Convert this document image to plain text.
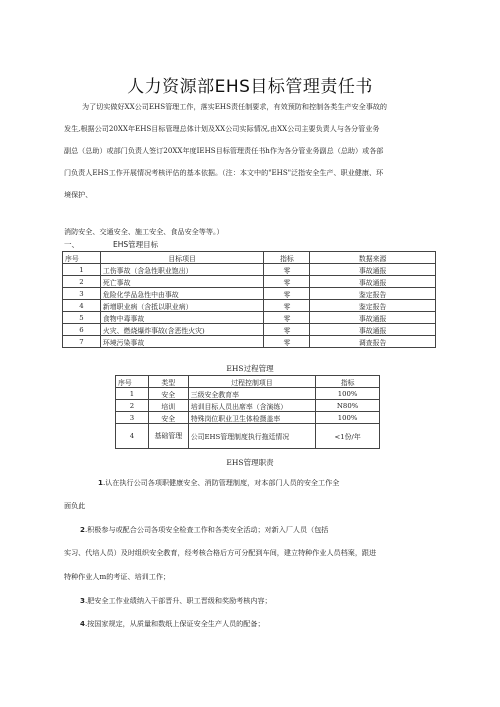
人力资源部EHS目标管理责任书

为了切实做好XX公司EHS管理工作，落实EHS责任制要求，有效预防和控制各类生产安全事故的

发生,根据公司20XX年EHS目标管理总体计划及XX公司实际情况,由XX公司主要负责人与各分管业务

副总（总助）或部门负责人签订20XX年度IEHS目标管理责任书h作为各分管业务副总（总助）或各部

门负责人EHS工作开展情况考核评估的基本依据。（注：本文中的"EHS"泛指安全生产、职业健康、环

境保护、

消防安全、交通安全、施工安全、食品安全等等。）
一、	EHS管理目标
序号	目标项目	指标	数据来源
1	工伤事故（含急性职业饱出）	零	事故通报
2	死亡事故	零	事故通报
3	危险化学品急性中由事故	零	鉴定报告
4	新增职业病（含抵以职业病）	零	鉴定报告
5	食物中毒事故	零	事故通报
6	火灾、燃烧爆炸事故(含恶性火灾)	零	事故通报
7	环境污染事故	零	调查报告
EHS过程管理
序号	类型	过程控制项目	指标
1	安全	三级安全教育率	100%
2	培训	培训目标人员出席率（含演练）	N80%
3	安全	特殊岗位职业卫生体检摄盖率	100%
4	基础管理	公司EHS管理制度执行拖廷情况	<1份/年
EHS管理职责
1.认在执行公司各项职健康安全、消防管理制度，对本部门人员的安全工作全
面负此
2.积极参与或配合公司各项安全检查工作和各类安全活动；对新入厂人员（包括
实习、代培人员）及时组织安全教育，经考核合格后方可分配到车间，建立特种作业人员档案，跟进
特种作业人m的考证、培训工作；
3.肥安全工作业绩纳入干部晋升、职工晋级和奖励考核内容；
4.按国家规定，从质量和数纸上保证安全生产人员的配备；
